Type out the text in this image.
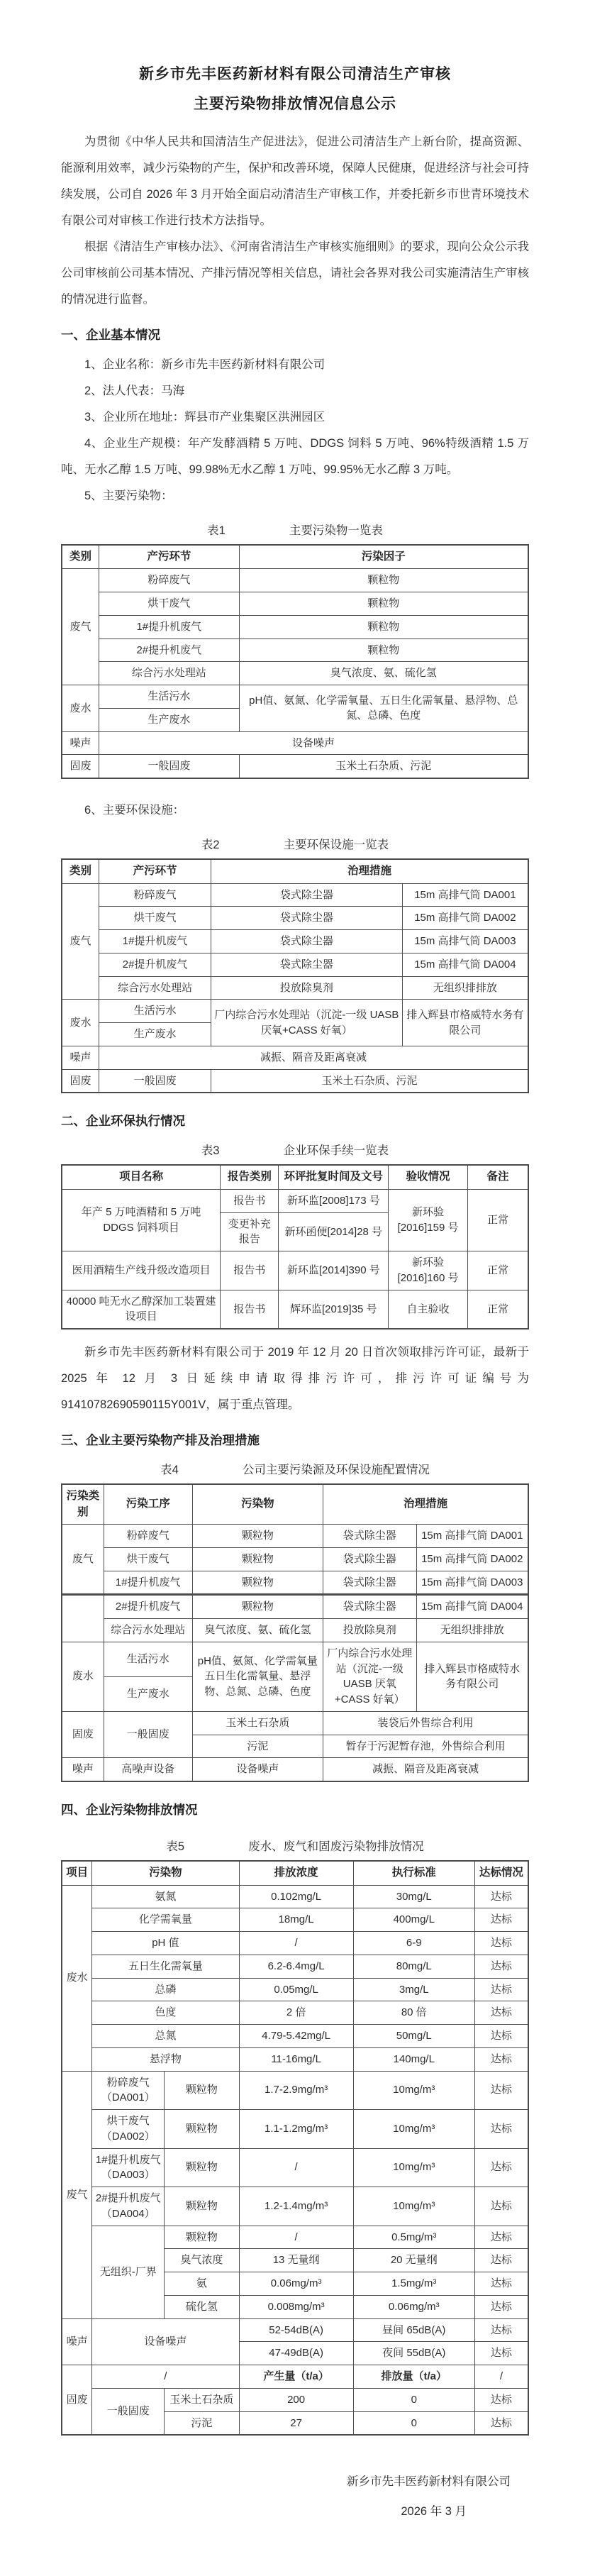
新乡市先丰医药新材料有限公司清洁生产审核
主要污染物排放情况信息公示

为贯彻《中华人民共和国清洁生产促进法》，促进公司清洁生产上新台阶，提高资源、能源利用效率，减少污染物的产生，保护和改善环境，保障人民健康，促进经济与社会可持续发展，公司自 2026 年 3 月开始全面启动清洁生产审核工作，并委托新乡市世青环境技术有限公司对审核工作进行技术方法指导。

根据《清洁生产审核办法》、《河南省清洁生产审核实施细则》的要求，现向公众公示我公司审核前公司基本情况、产排污情况等相关信息，请社会各界对我公司实施清洁生产审核的情况进行监督。

一、企业基本情况

1、企业名称：新乡市先丰医药新材料有限公司

2、法人代表：马海

3、企业所在地址：辉县市产业集聚区洪洲园区

4、企业生产规模：年产发酵酒精 5 万吨、DDGS 饲料 5 万吨、96%特级酒精 1.5 万吨、无水乙醇 1.5 万吨、99.98%无水乙醇 1 万吨、99.95%无水乙醇 3 万吨。

5、主要污染物：

表1	主要污染物一览表
类别	产污环节	污染因子
废气	粉碎废气	颗粒物
	烘干废气	颗粒物
	1#提升机废气	颗粒物
	2#提升机废气	颗粒物
	综合污水处理站	臭气浓度、氨、硫化氢
废水	生活污水	pH值、氨氮、化学需氧量、五日生化需氧量、悬浮物、总氮、总磷、色度
	生产废水	
噪声	设备噪声	
固废	一般固废	玉米土石杂质、污泥

6、主要环保设施：

表2	主要环保设施一览表
类别	产污环节	治理措施	
废气	粉碎废气	袋式除尘器	15m 高排气筒 DA001
	烘干废气	袋式除尘器	15m 高排气筒 DA002
	1#提升机废气	袋式除尘器	15m 高排气筒 DA003
	2#提升机废气	袋式除尘器	15m 高排气筒 DA004
	综合污水处理站	投放除臭剂	无组织排排放
废水	生活污水	厂内综合污水处理站（沉淀-一级 UASB 厌氧+CASS 好氧）	排入辉县市格威特水务有限公司
	生产废水		
噪声	减振、隔音及距离衰减		
固废	一般固废	玉米土石杂质、污泥	
二、企业环保执行情况
表3	企业环保手续一览表
项目名称	报告类别	环评批复时间及文号	验收情况	备注
年产 5 万吨酒精和 5 万吨 DDGS 饲料项目	报告书	新环监[2008]173 号	新环验[2016]159 号	正常
	变更补充报告	新环函便[2014]28 号		
医用酒精生产线升级改造项目	报告书	新环监[2014]390 号	新环验[2016]160 号	正常
40000 吨无水乙醇深加工装置建设项目	报告书	辉环监[2019]35 号	自主验收	正常

新乡市先丰医药新材料有限公司于 2019 年 12 月 20 日首次领取排污许可证，最新于 2025 年 12 月 3 日延续申请取得排污许可，排污许可证编号为 91410782690590115Y001V，属于重点管理。

三、企业主要污染物产排及治理措施
表4	公司主要污染源及环保设施配置情况
污染类别	污染工序	污染物	治理措施	
废气	粉碎废气	颗粒物	袋式除尘器	15m 高排气筒 DA001
	烘干废气	颗粒物	袋式除尘器	15m 高排气筒 DA002
	1#提升机废气	颗粒物	袋式除尘器	15m 高排气筒 DA003
	2#提升机废气	颗粒物	袋式除尘器	15m 高排气筒 DA004
	综合污水处理站	臭气浓度、氨、硫化氢	投放除臭剂	无组织排排放
废水	生活污水	pH值、氨氮、化学需氧量五日生化需氧量、悬浮物、总氮、总磷、色度	厂内综合污水处理站（沉淀-一级 UASB 厌氧+CASS 好氧）	排入辉县市格威特水务有限公司
	生产废水			
固废	一般固废	玉米土石杂质	装袋后外售综合利用	
		污泥	暂存于污泥暂存池，外售综合利用	
噪声	高噪声设备	设备噪声	减振、隔音及距离衰减	
四、企业污染物排放情况
表5	废水、废气和固废污染物排放情况
项目	污染物		排放浓度	执行标准	达标情况
废水	氨氮		0.102mg/L	30mg/L	达标
	化学需氧量		18mg/L	400mg/L	达标
	pH 值		/	6-9	达标
	五日生化需氧量		6.2-6.4mg/L	80mg/L	达标
	总磷		0.05mg/L	3mg/L	达标
	色度		2 倍	80 倍	达标
	总氮		4.79-5.42mg/L	50mg/L	达标
	悬浮物		11-16mg/L	140mg/L	达标
废气	粉碎废气（DA001）	颗粒物	1.7-2.9mg/m³	10mg/m³	达标
	烘干废气（DA002）	颗粒物	1.1-1.2mg/m³	10mg/m³	达标
	1#提升机废气（DA003）	颗粒物	/	10mg/m³	达标
	2#提升机废气（DA004）	颗粒物	1.2-1.4mg/m³	10mg/m³	达标
	无组织-厂界	颗粒物	/	0.5mg/m³	达标
		臭气浓度	13 无量纲	20 无量纲	达标
		氨	0.06mg/m³	1.5mg/m³	达标
		硫化氢	0.008mg/m³	0.06mg/m³	达标
噪声	设备噪声		52-54dB(A)	昼间 65dB(A)	达标
			47-49dB(A)	夜间 55dB(A)	达标
固废	/		产生量（t/a）	排放量（t/a）	/
	一般固废	玉米土石杂质	200	0	达标
		污泥	27	0	达标
新乡市先丰医药新材料有限公司
2026 年 3 月
